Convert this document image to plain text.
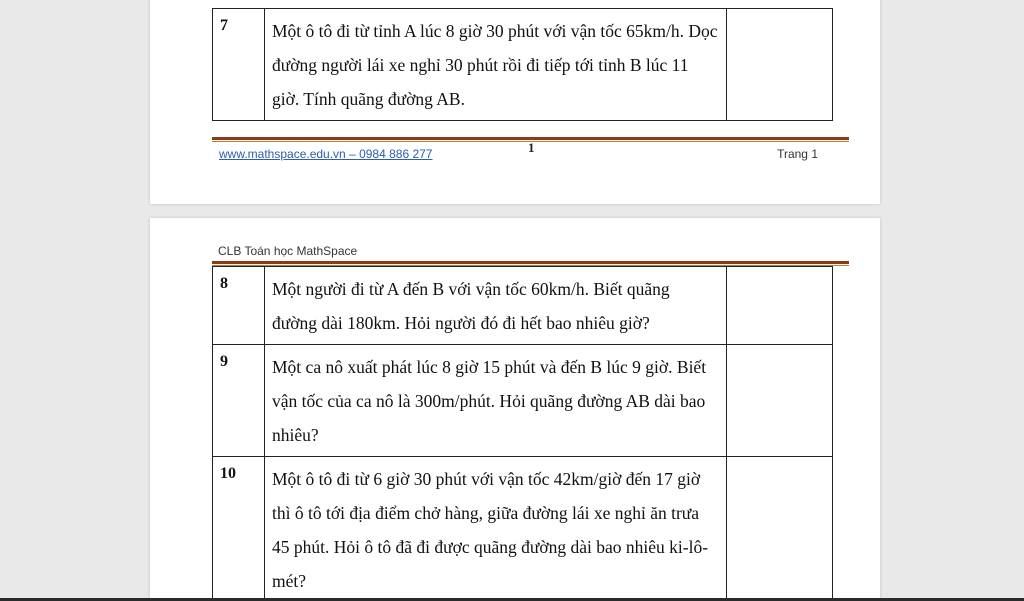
7	Một ô tô đi từ tỉnh A lúc 8 giờ 30 phút với vận tốc 65km/h. Dọc đường người lái xe nghỉ 30 phút rồi đi tiếp tới tỉnh B lúc 11 giờ. Tính quãng đường AB.	
www.mathspace.edu.vn – 0984 886 277	1	Trang 1
CLB Toán học MathSpace
8	Một người đi từ A đến B với vận tốc 60km/h. Biết quãng đường dài 180km. Hỏi người đó đi hết bao nhiêu giờ?	
9	Một ca nô xuất phát lúc 8 giờ 15 phút và đến B lúc 9 giờ. Biết vận tốc của ca nô là 300m/phút. Hỏi quãng đường AB dài bao nhiêu?	
10	Một ô tô đi từ 6 giờ 30 phút với vận tốc 42km/giờ đến 17 giờ thì ô tô tới địa điểm chở hàng, giữa đường lái xe nghỉ ăn trưa 45 phút. Hỏi ô tô đã đi được quãng đường dài bao nhiêu ki-lô-mét?	
